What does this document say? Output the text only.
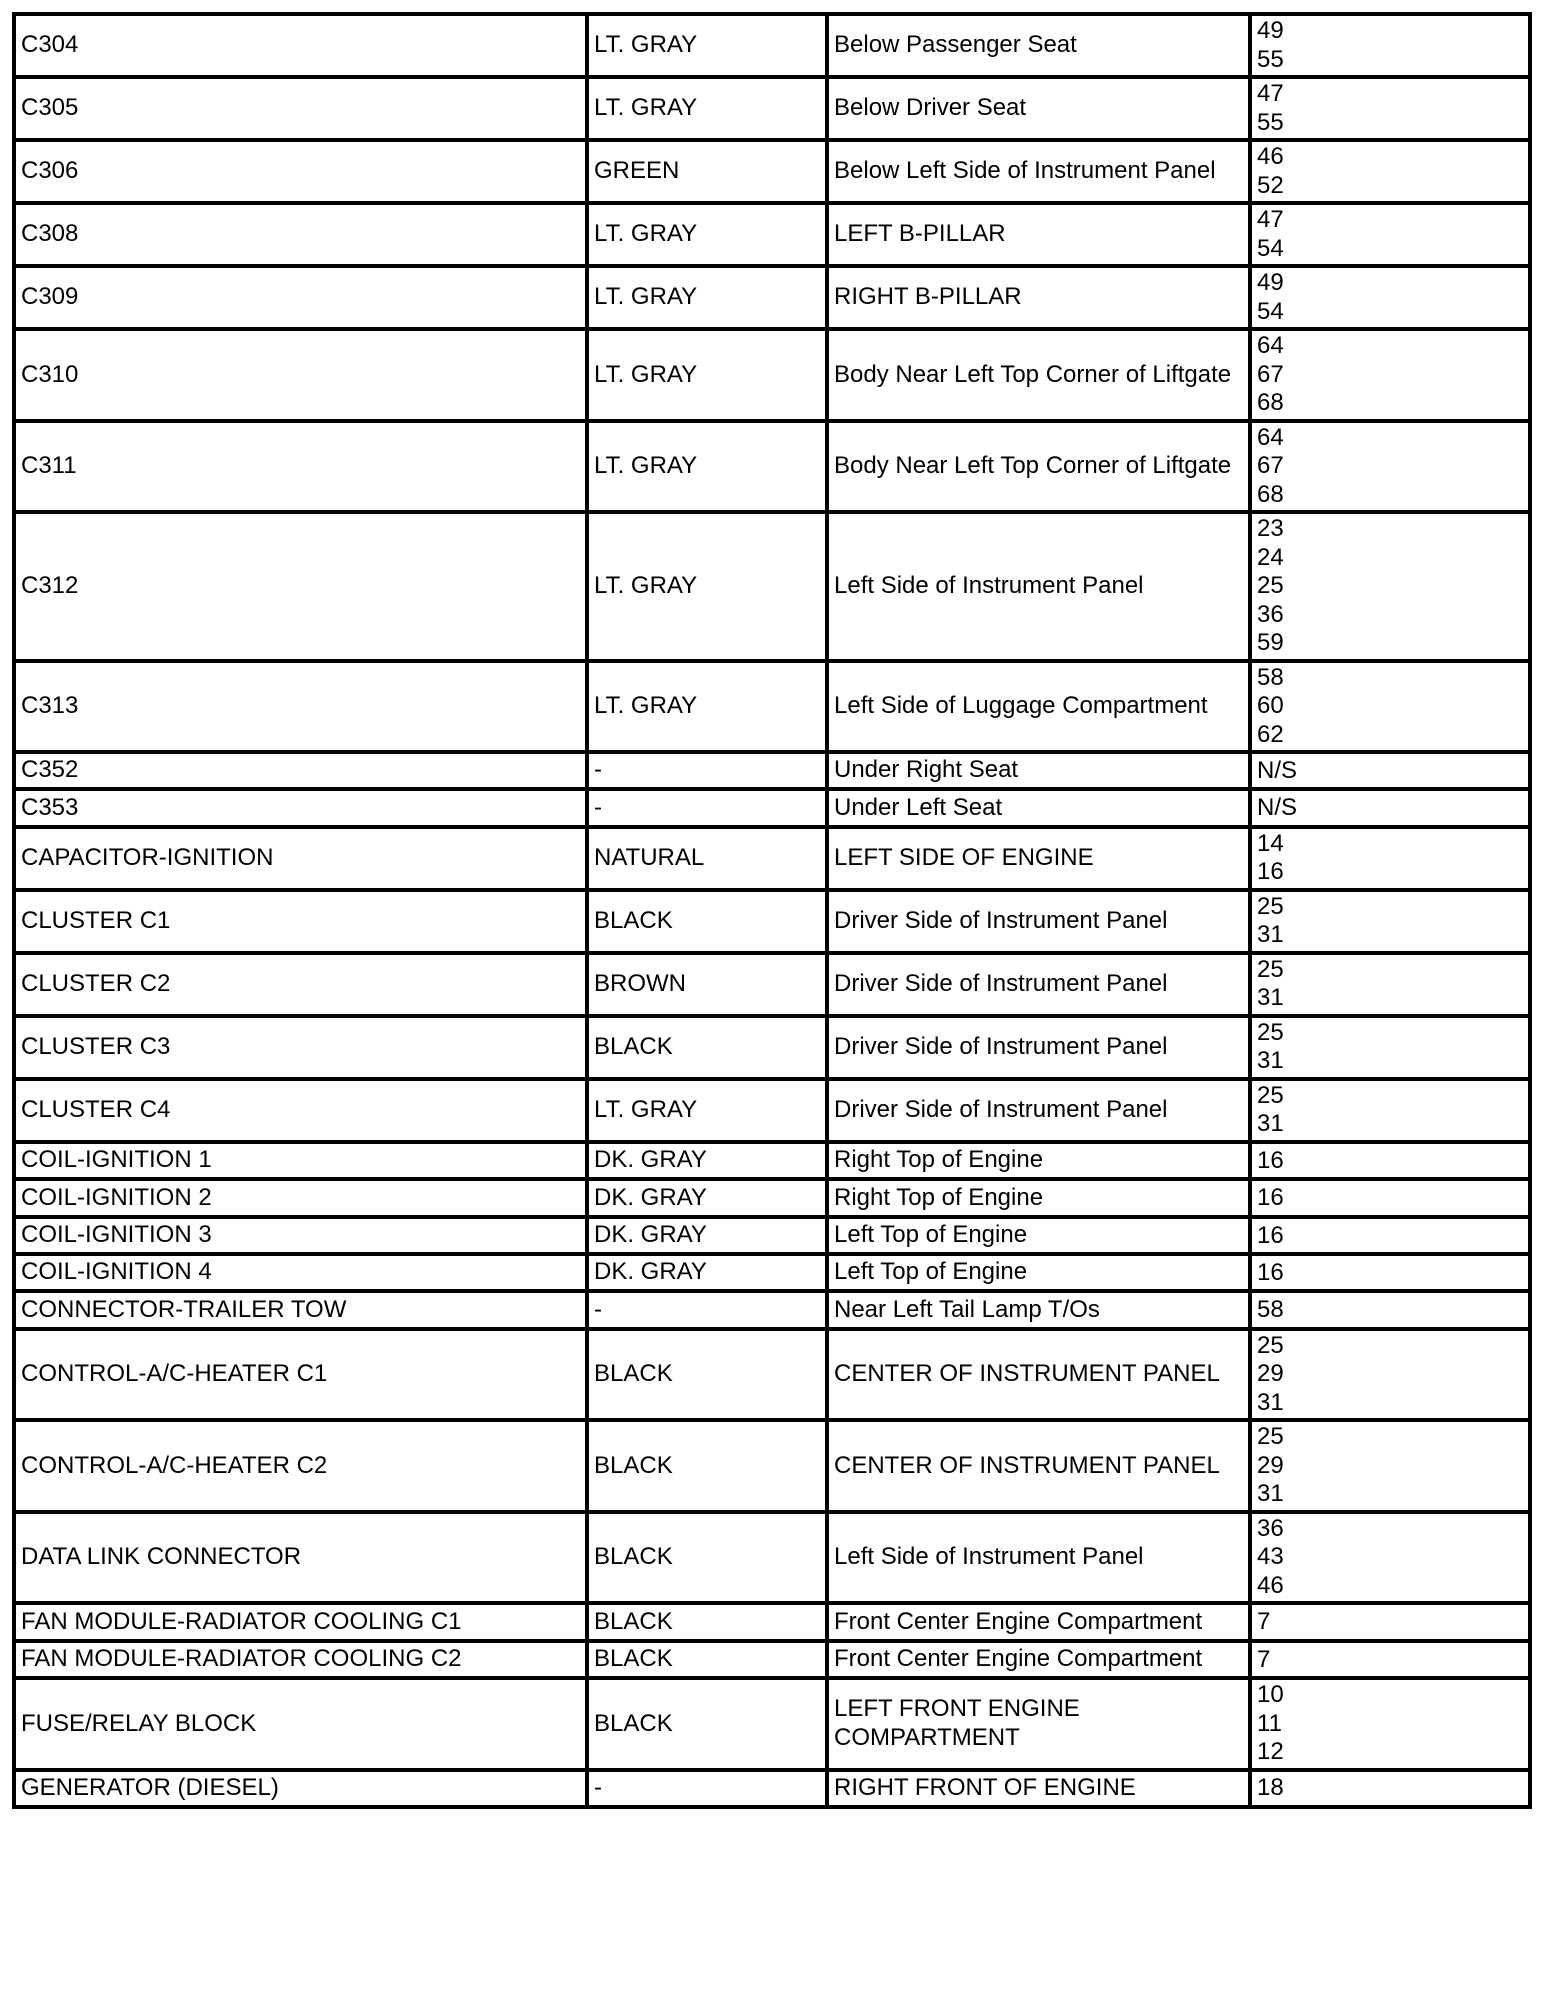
C304	LT. GRAY	Below Passenger Seat	49
55

C305	LT. GRAY	Below Driver Seat	47
55

C306	GREEN	Below Left Side of Instrument Panel	46
52

C308	LT. GRAY	LEFT B-PILLAR	47
54

C309	LT. GRAY	RIGHT B-PILLAR	49
54

C310	LT. GRAY	Body Near Left Top Corner of Liftgate	64
67
68

C311	LT. GRAY	Body Near Left Top Corner of Liftgate	64
67
68

C312	LT. GRAY	Left Side of Instrument Panel	23
24
25
36
59

C313	LT. GRAY	Left Side of Luggage Compartment	58
60
62

C352	-	Under Right Seat	N/S

C353	-	Under Left Seat	N/S

CAPACITOR-IGNITION	NATURAL	LEFT SIDE OF ENGINE	14
16

CLUSTER C1	BLACK	Driver Side of Instrument Panel	25
31

CLUSTER C2	BROWN	Driver Side of Instrument Panel	25
31

CLUSTER C3	BLACK	Driver Side of Instrument Panel	25
31

CLUSTER C4	LT. GRAY	Driver Side of Instrument Panel	25
31

COIL-IGNITION 1	DK. GRAY	Right Top of Engine	16

COIL-IGNITION 2	DK. GRAY	Right Top of Engine	16

COIL-IGNITION 3	DK. GRAY	Left Top of Engine	16

COIL-IGNITION 4	DK. GRAY	Left Top of Engine	16

CONNECTOR-TRAILER TOW	-	Near Left Tail Lamp T/Os	58

CONTROL-A/C-HEATER C1	BLACK	CENTER OF INSTRUMENT PANEL	25
29
31

CONTROL-A/C-HEATER C2	BLACK	CENTER OF INSTRUMENT PANEL	25
29
31

DATA LINK CONNECTOR	BLACK	Left Side of Instrument Panel	36
43
46

FAN MODULE-RADIATOR COOLING C1	BLACK	Front Center Engine Compartment	7

FAN MODULE-RADIATOR COOLING C2	BLACK	Front Center Engine Compartment	7

FUSE/RELAY BLOCK	BLACK	LEFT FRONT ENGINE COMPARTMENT	10
11
12

GENERATOR (DIESEL)	-	RIGHT FRONT OF ENGINE	18
